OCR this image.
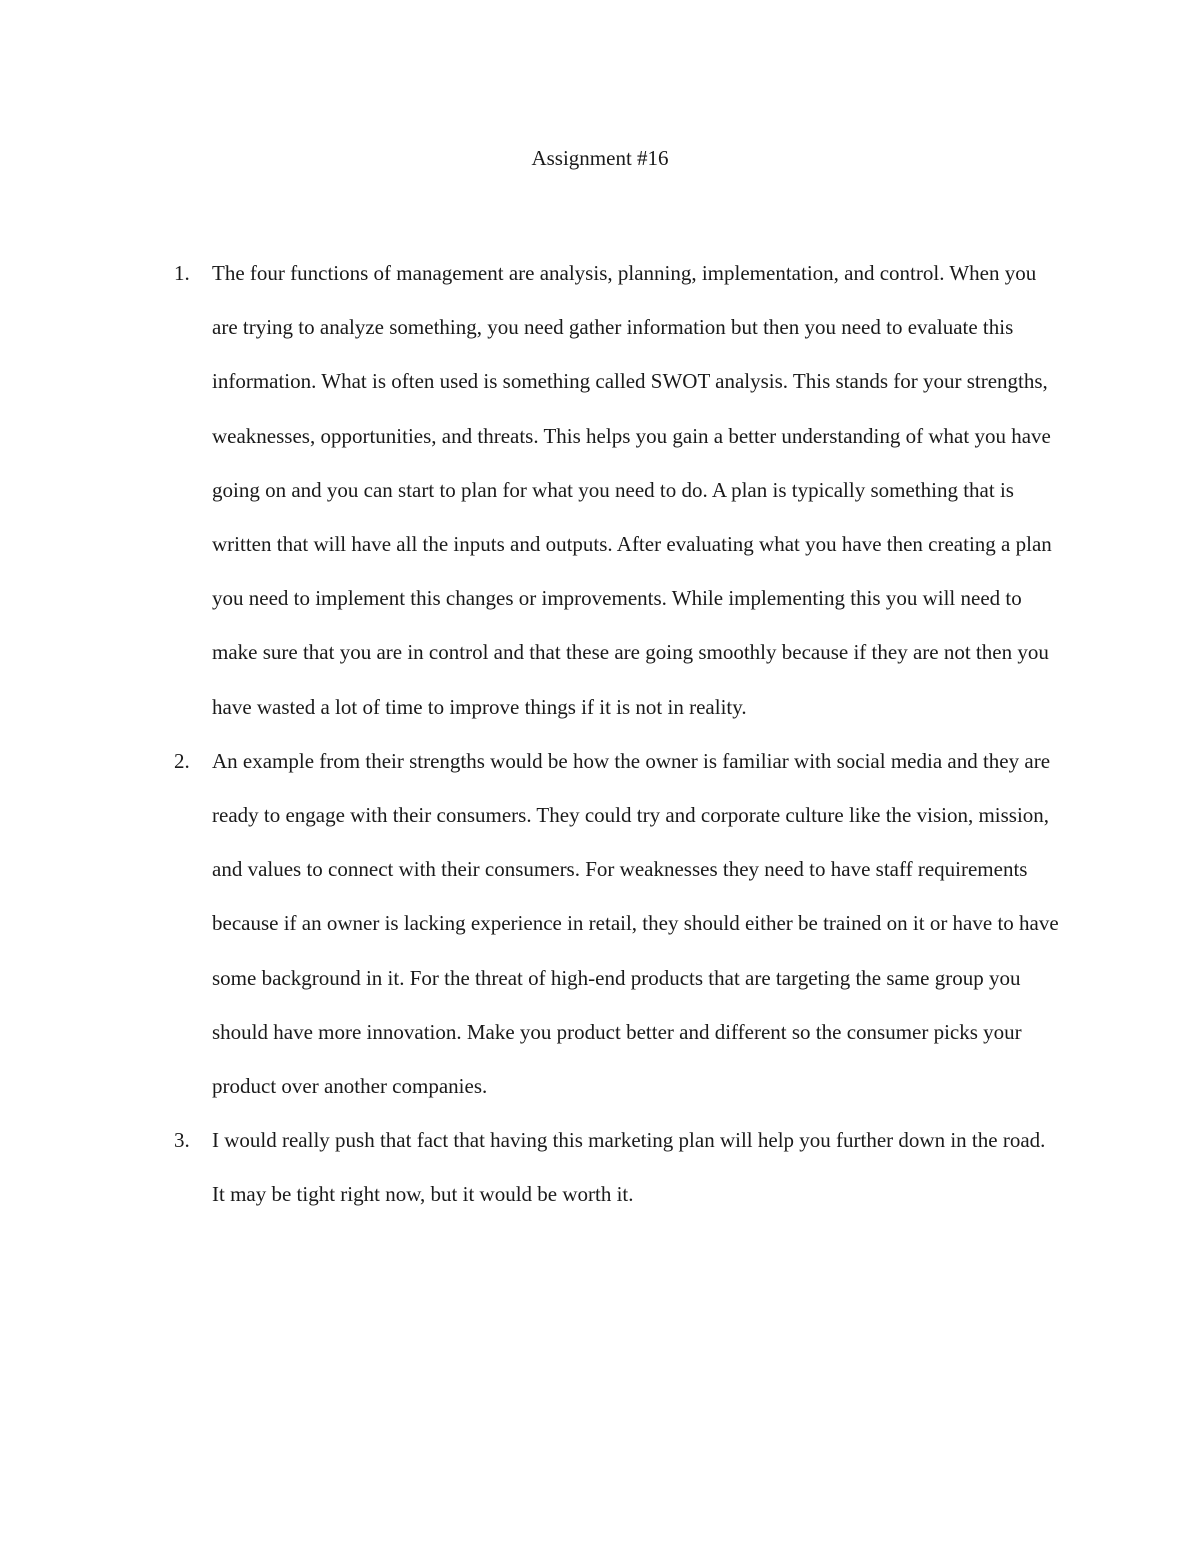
Assignment #16
1. The four functions of management are analysis, planning, implementation, and control. When you are trying to analyze something, you need gather information but then you need to evaluate this information. What is often used is something called SWOT analysis. This stands for your strengths, weaknesses, opportunities, and threats. This helps you gain a better understanding of what you have going on and you can start to plan for what you need to do. A plan is typically something that is written that will have all the inputs and outputs. After evaluating what you have then creating a plan you need to implement this changes or improvements. While implementing this you will need to make sure that you are in control and that these are going smoothly because if they are not then you have wasted a lot of time to improve things if it is not in reality.
2. An example from their strengths would be how the owner is familiar with social media and they are ready to engage with their consumers. They could try and corporate culture like the vision, mission, and values to connect with their consumers. For weaknesses they need to have staff requirements because if an owner is lacking experience in retail, they should either be trained on it or have to have some background in it. For the threat of high-end products that are targeting the same group you should have more innovation. Make you product better and different so the consumer picks your product over another companies.
3. I would really push that fact that having this marketing plan will help you further down in the road. It may be tight right now, but it would be worth it.
